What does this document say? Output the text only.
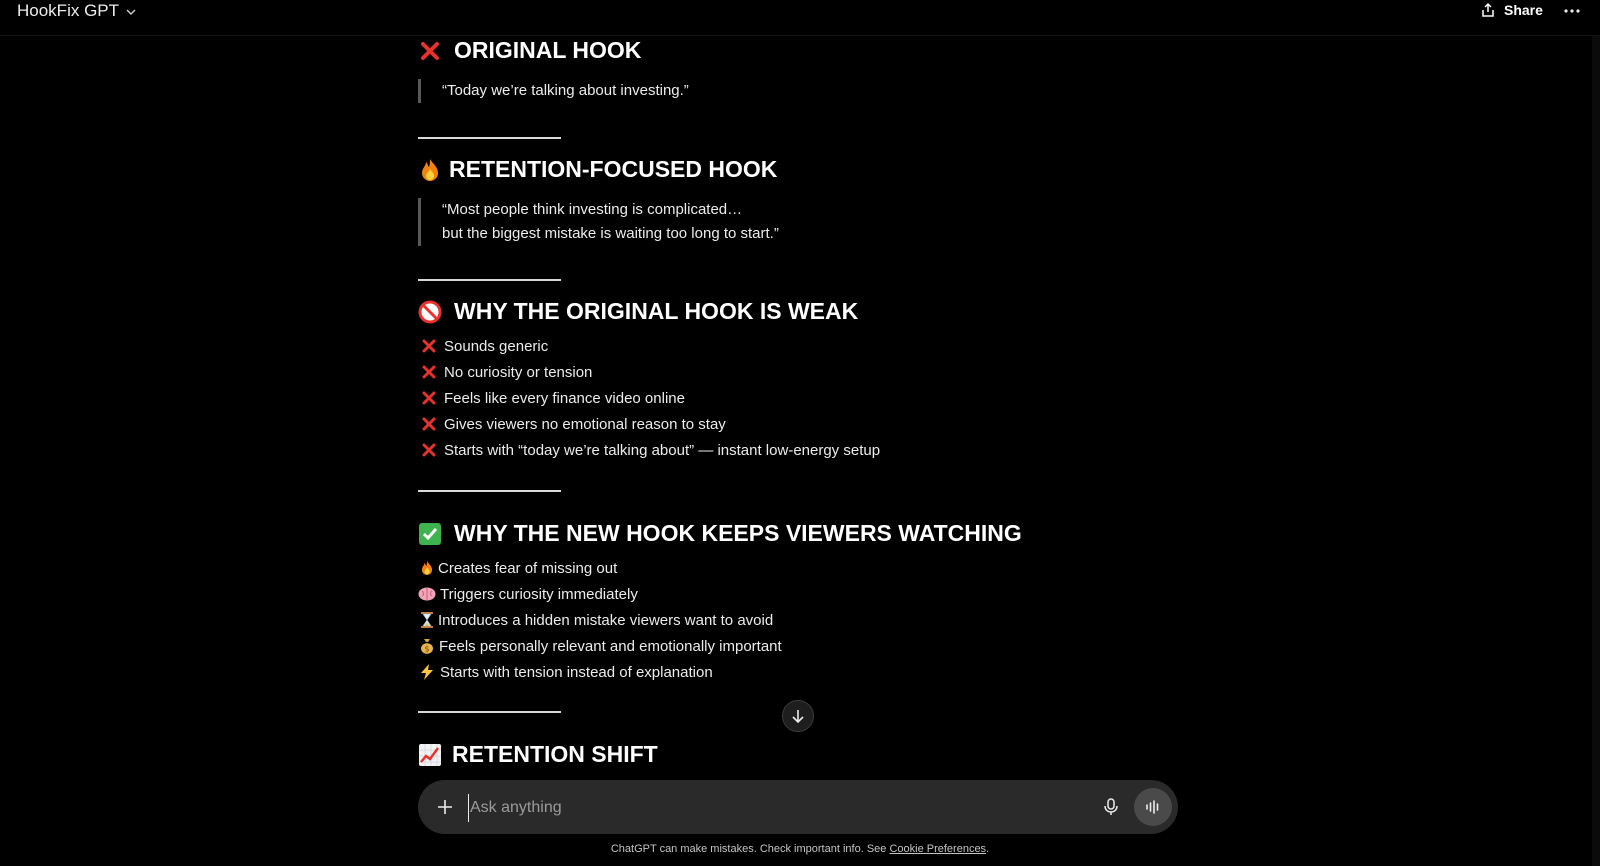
HookFix GPT	Share
ORIGINAL HOOK
“Today we’re talking about investing.”
RETENTION-FOCUSED HOOK
“Most people think investing is complicated…
but the biggest mistake is waiting too long to start.”
WHY THE ORIGINAL HOOK IS WEAK
Sounds generic
No curiosity or tension
Feels like every finance video online
Gives viewers no emotional reason to stay
Starts with “today we’re talking about” — instant low-energy setup
WHY THE NEW HOOK KEEPS VIEWERS WATCHING
Creates fear of missing out
Triggers curiosity immediately
Introduces a hidden mistake viewers want to avoid
$ Feels personally relevant and emotionally important
Starts with tension instead of explanation
RETENTION SHIFT
Ask anything
ChatGPT can make mistakes. Check important info. See Cookie Preferences.
